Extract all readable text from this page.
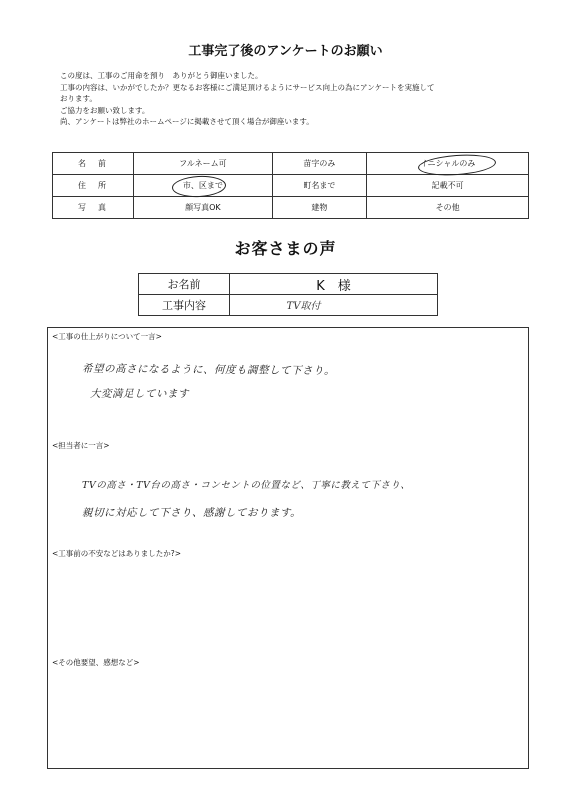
工事完了後のアンケートのお願い
この度は、工事のご用命を預り　ありがとう御座いました。
工事の内容は、いかがでしたか？更なるお客様にご満足頂けるようにサービス向上の為にアンケートを実施して
おります。
ご協力をお願い致します。
尚、アンケートは弊社のホームページに掲載させて頂く場合が御座います。
名　前	フルネーム可	苗字のみ	イニシャルのみ
住　所	市、区まで	町名まで	記載不可
写　真	顔写真OK	建物	その他
お客さまの声
お名前	K　様
工事内容	TV取付
<工事の仕上がりについて一言>
希望の高さになるように、何度も調整して下さり。
大変満足しています
<担当者に一言>
TVの高さ・TV台の高さ・コンセントの位置など、丁寧に教えて下さり、
親切に対応して下さり、感謝しております。
<工事前の不安などはありましたか?>
<その他要望、感想など>
